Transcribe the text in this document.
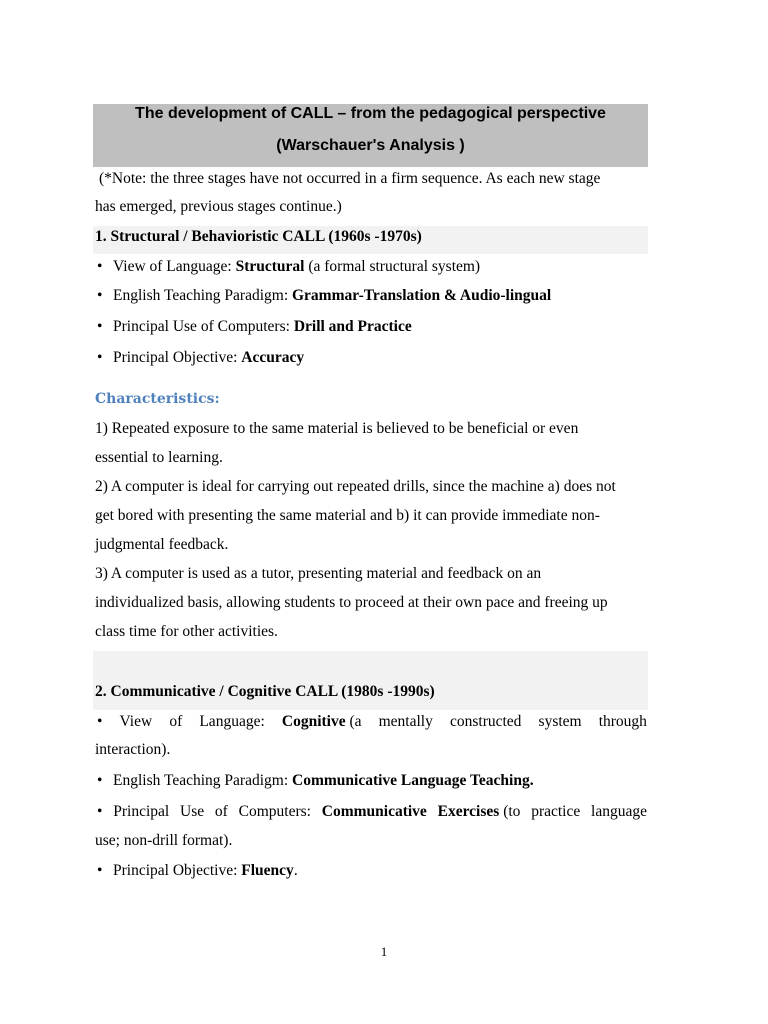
The development of CALL – from the pedagogical perspective
(Warschauer's Analysis )
(*Note: the three stages have not occurred in a firm sequence. As each new stage
has emerged, previous stages continue.)
1. Structural / Behavioristic CALL (1960s -1970s)
• View of Language: Structural (a formal structural system)
• English Teaching Paradigm: Grammar-Translation & Audio-lingual
• Principal Use of Computers: Drill and Practice
• Principal Objective: Accuracy
Characteristics:
1) Repeated exposure to the same material is believed to be beneficial or even
essential to learning.
2) A computer is ideal for carrying out repeated drills, since the machine a) does not
get bored with presenting the same material and b) it can provide immediate non-
judgmental feedback.
3) A computer is used as a tutor, presenting material and feedback on an
individualized basis, allowing students to proceed at their own pace and freeing up
class time for other activities.
2. Communicative / Cognitive CALL (1980s -1990s)
• View of Language: Cognitive (a mentally constructed system through
interaction).
• English Teaching Paradigm: Communicative Language Teaching.
• Principal Use of Computers: Communicative Exercises (to practice language
use; non-drill format).
• Principal Objective: Fluency.
1
